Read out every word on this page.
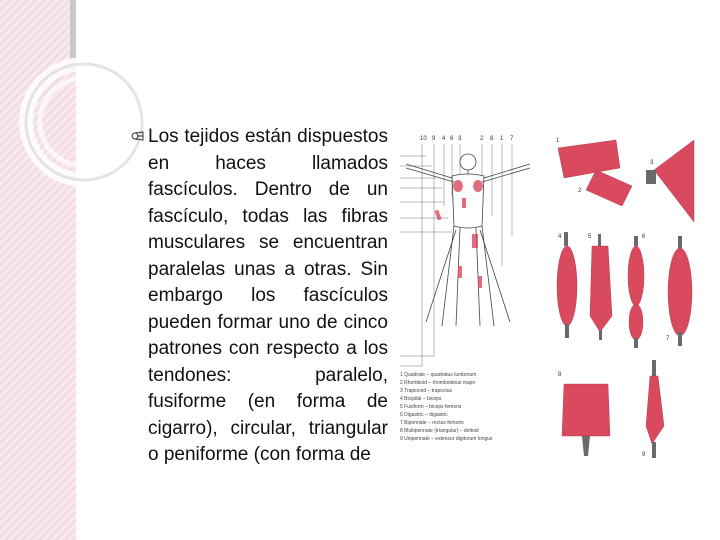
Los tejidos están dispuestos en haces llamados fascículos. Dentro de un fascículo, todas las fibras musculares se encuentran paralelas unas a otras. Sin embargo los fascículos pueden formar uno de cinco patrones con respecto a los tendones: paralelo, fusiforme (en forma de cigarro), circular, triangular o peniforme (con forma de

10 9 4 6 3	2 8 1 7
1 Quadrate – quadratus lumborum
2 Rhomboid – rhomboideus major
3 Trapezoid – trapezius
4 Bicipital – biceps
5 Fusiform – biceps femoris
6 Digastric – digastric
7 Bipennate – rectus femoris
8 Multipennate (triangular) – deltoid
9 Unipennate – extensor digitorum longus
1
2
3
4	5	6
7
8
9
